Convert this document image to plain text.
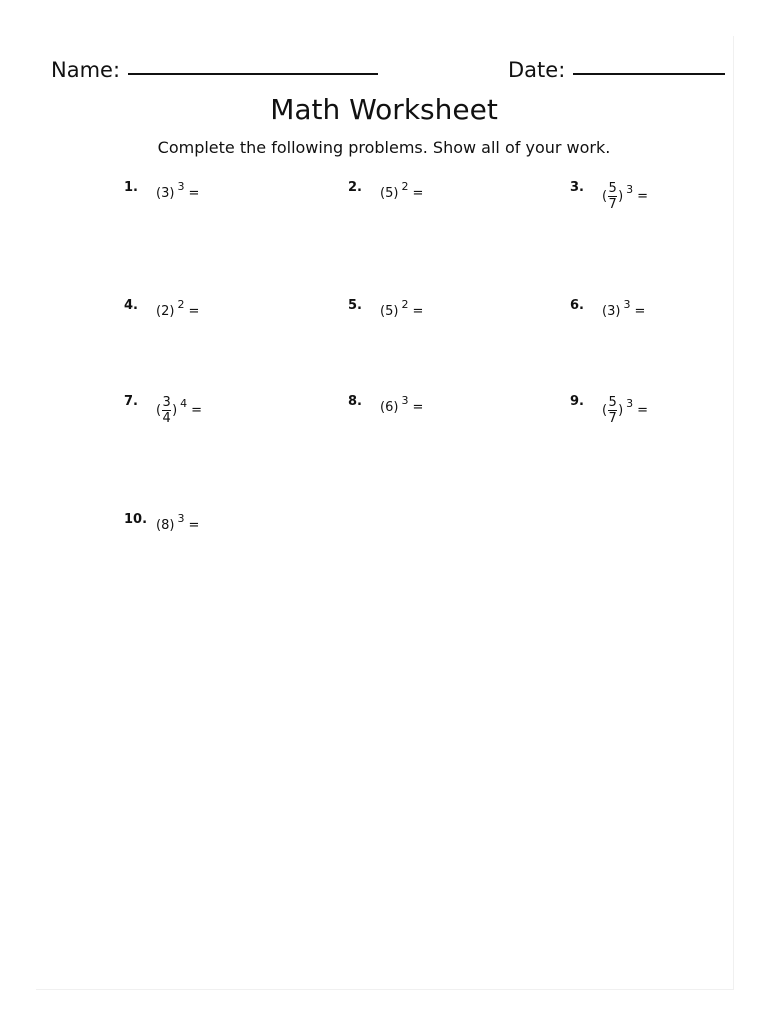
Name:	Date:
Math Worksheet
Complete the following problems. Show all of your work.
1.	( 3 ) 3 =	2.	( 5 ) 2 =	3.
( $\frac{5}{7}$ ) 3 =
4.	( 2 ) 2 =	5.	( 5 ) 2 =	6.	( 3 ) 3 =
7.
( $\frac{3}{4}$ ) 4 =
8.	( 6 ) 3 =	9.
( $\frac{5}{7}$ ) 3 =
10. ( 8 ) 3 =
